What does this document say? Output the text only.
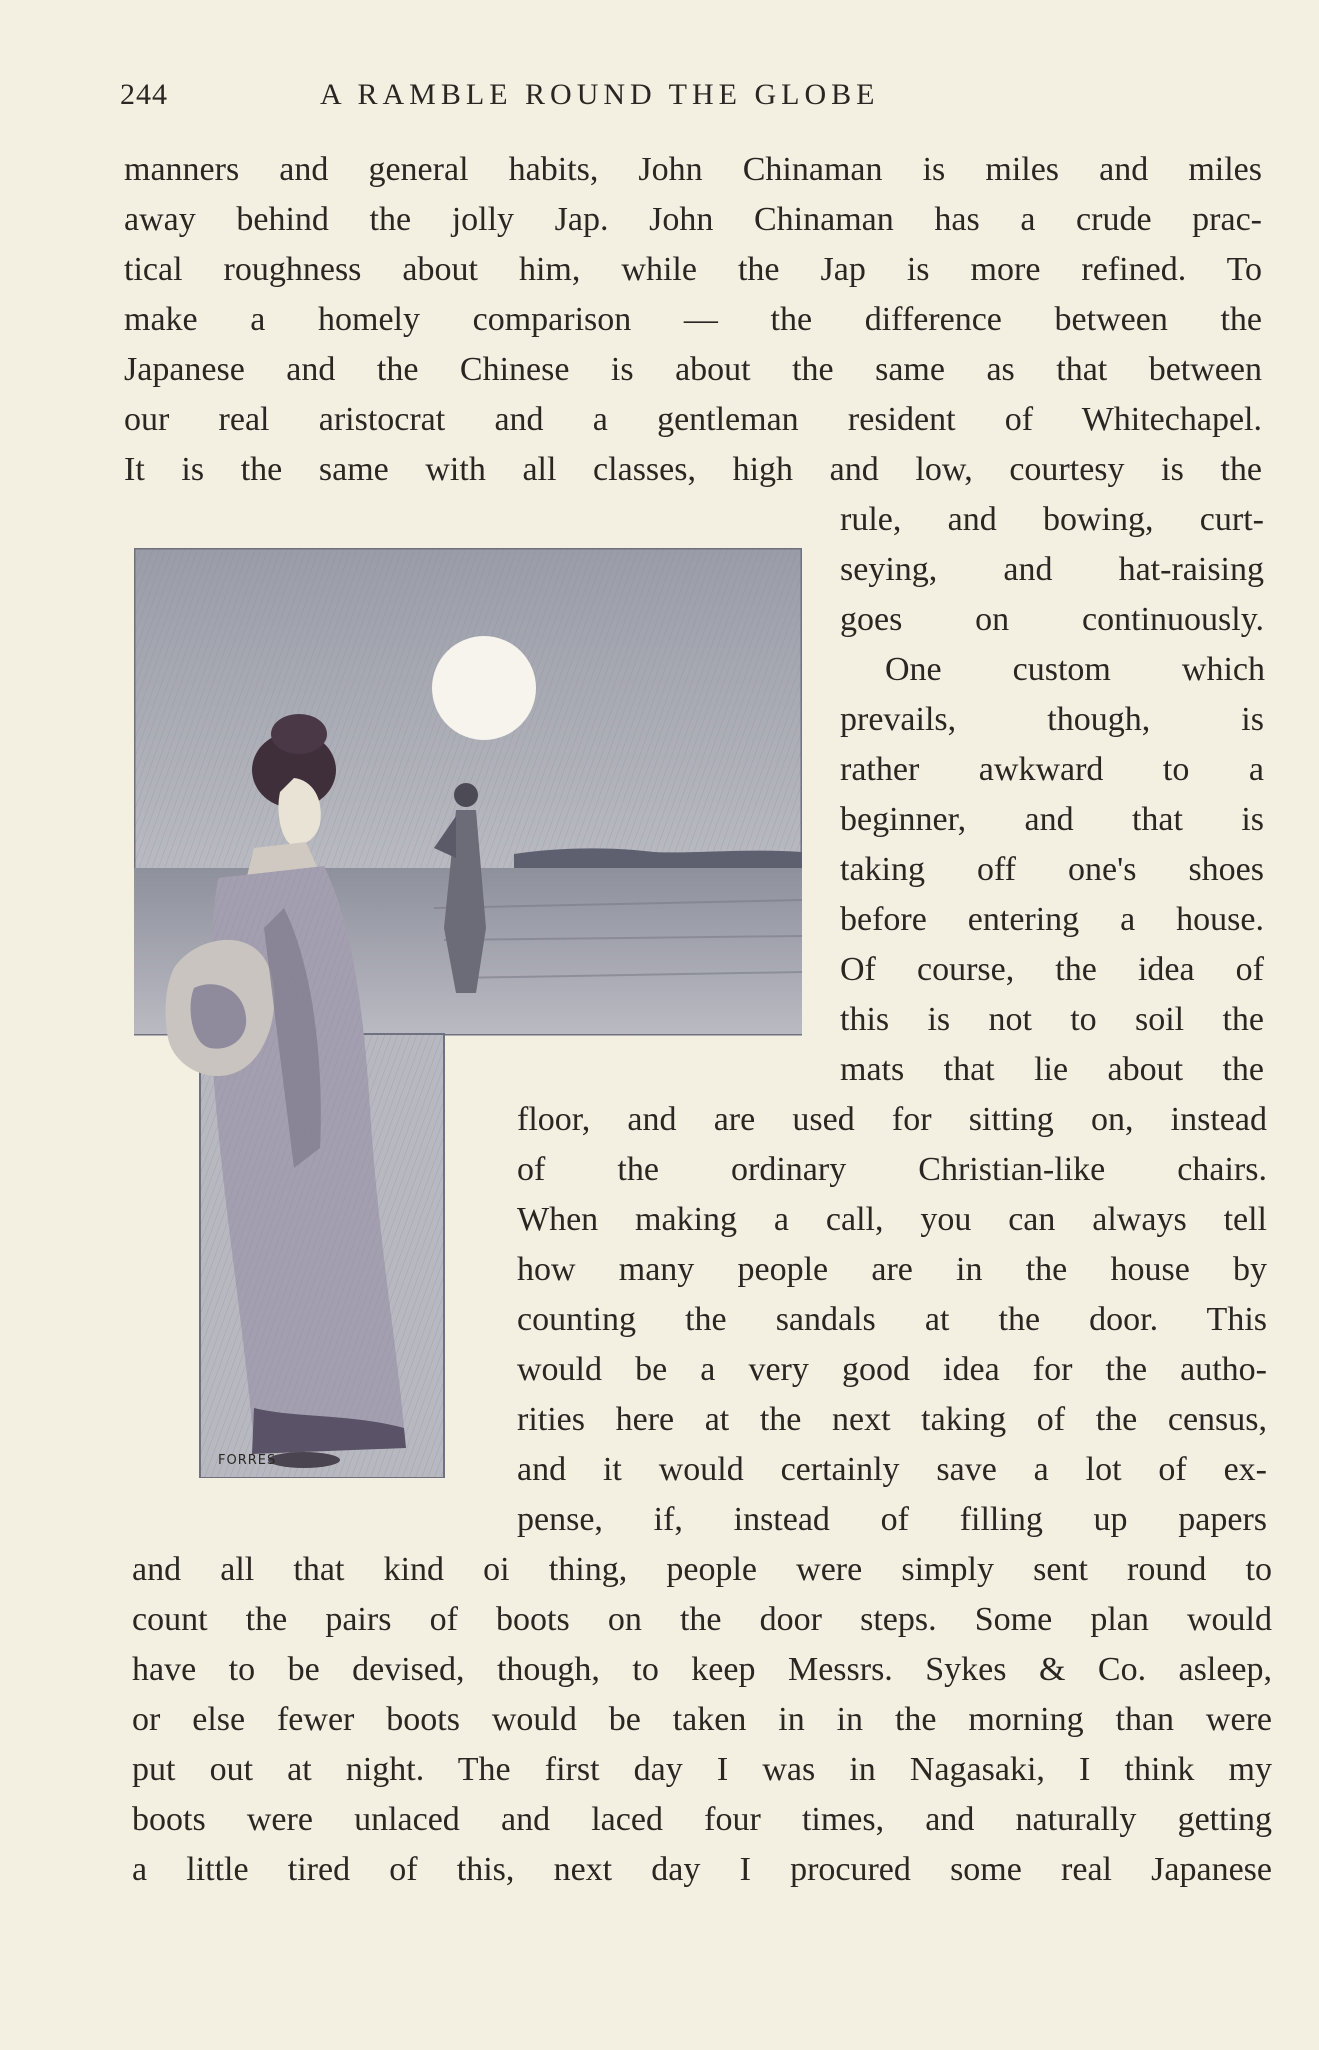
244	A RAMBLE ROUND THE GLOBE
manners and general habits, John Chinaman is miles and miles
away behind the jolly Jap. John Chinaman has a crude prac-
tical roughness about him, while the Jap is more refined. To
make a homely comparison — the difference between the
Japanese and the Chinese is about the same as that between
our real aristocrat and a gentleman resident of Whitechapel.
It is the same with all classes, high and low, courtesy is the
rule, and bowing, curt-
seying, and hat-raising
goes on continuously.
One custom which
prevails, though, is
rather awkward to a
beginner, and that is
taking off one's shoes
before entering a house.
Of course, the idea of
this is not to soil the
mats that lie about the
floor, and are used for sitting on, instead
of the ordinary Christian-like chairs.
When making a call, you can always tell
how many people are in the house by
counting the sandals at the door. This
would be a very good idea for the autho-
rities here at the next taking of the census,
and it would certainly save a lot of ex-
pense, if, instead of filling up papers
and all that kind oi thing, people were simply sent round to
count the pairs of boots on the door steps. Some plan would
have to be devised, though, to keep Messrs. Sykes & Co. asleep,
or else fewer boots would be taken in in the morning than were
put out at night. The first day I was in Nagasaki, I think my
boots were unlaced and laced four times, and naturally getting
a little tired of this, next day I procured some real Japanese
FORRES
